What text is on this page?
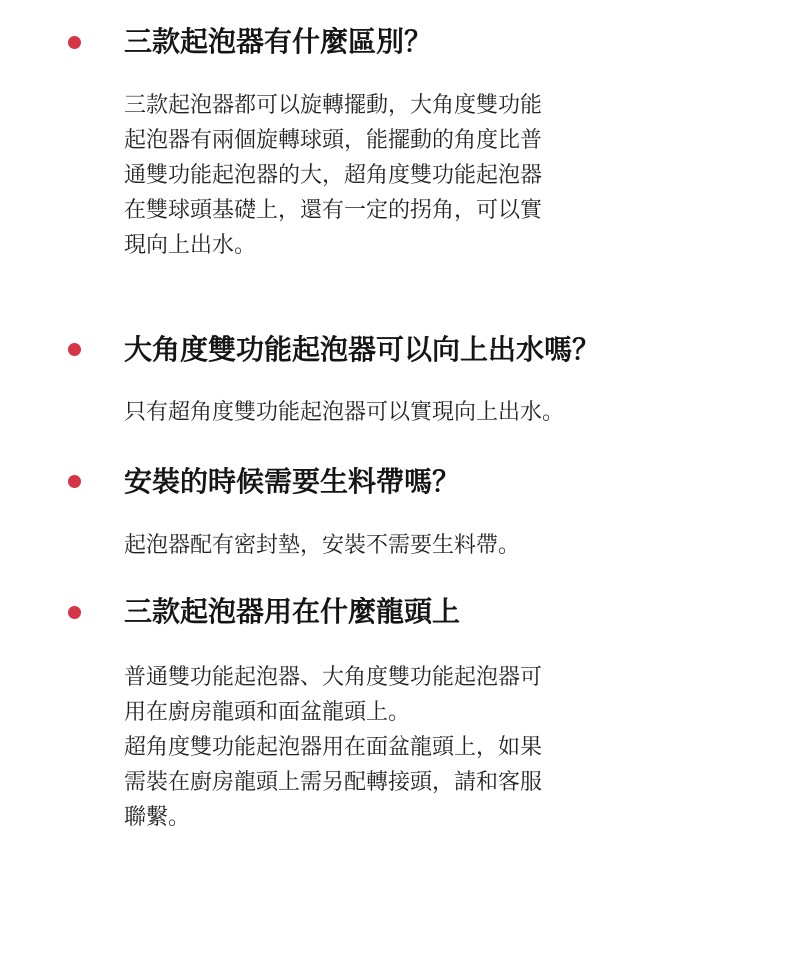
三款起泡器有什麼區別？
三款起泡器都可以旋轉擺動，大角度雙功能
起泡器有兩個旋轉球頭，能擺動的角度比普
通雙功能起泡器的大，超角度雙功能起泡器
在雙球頭基礎上，還有一定的拐角，可以實
現向上出水。
大角度雙功能起泡器可以向上出水嗎？
只有超角度雙功能起泡器可以實現向上出水。
安裝的時候需要生料帶嗎？
起泡器配有密封墊，安裝不需要生料帶。
三款起泡器用在什麼龍頭上
普通雙功能起泡器、大角度雙功能起泡器可
用在廚房龍頭和面盆龍頭上。
超角度雙功能起泡器用在面盆龍頭上，如果
需裝在廚房龍頭上需另配轉接頭，請和客服
聯繫。
